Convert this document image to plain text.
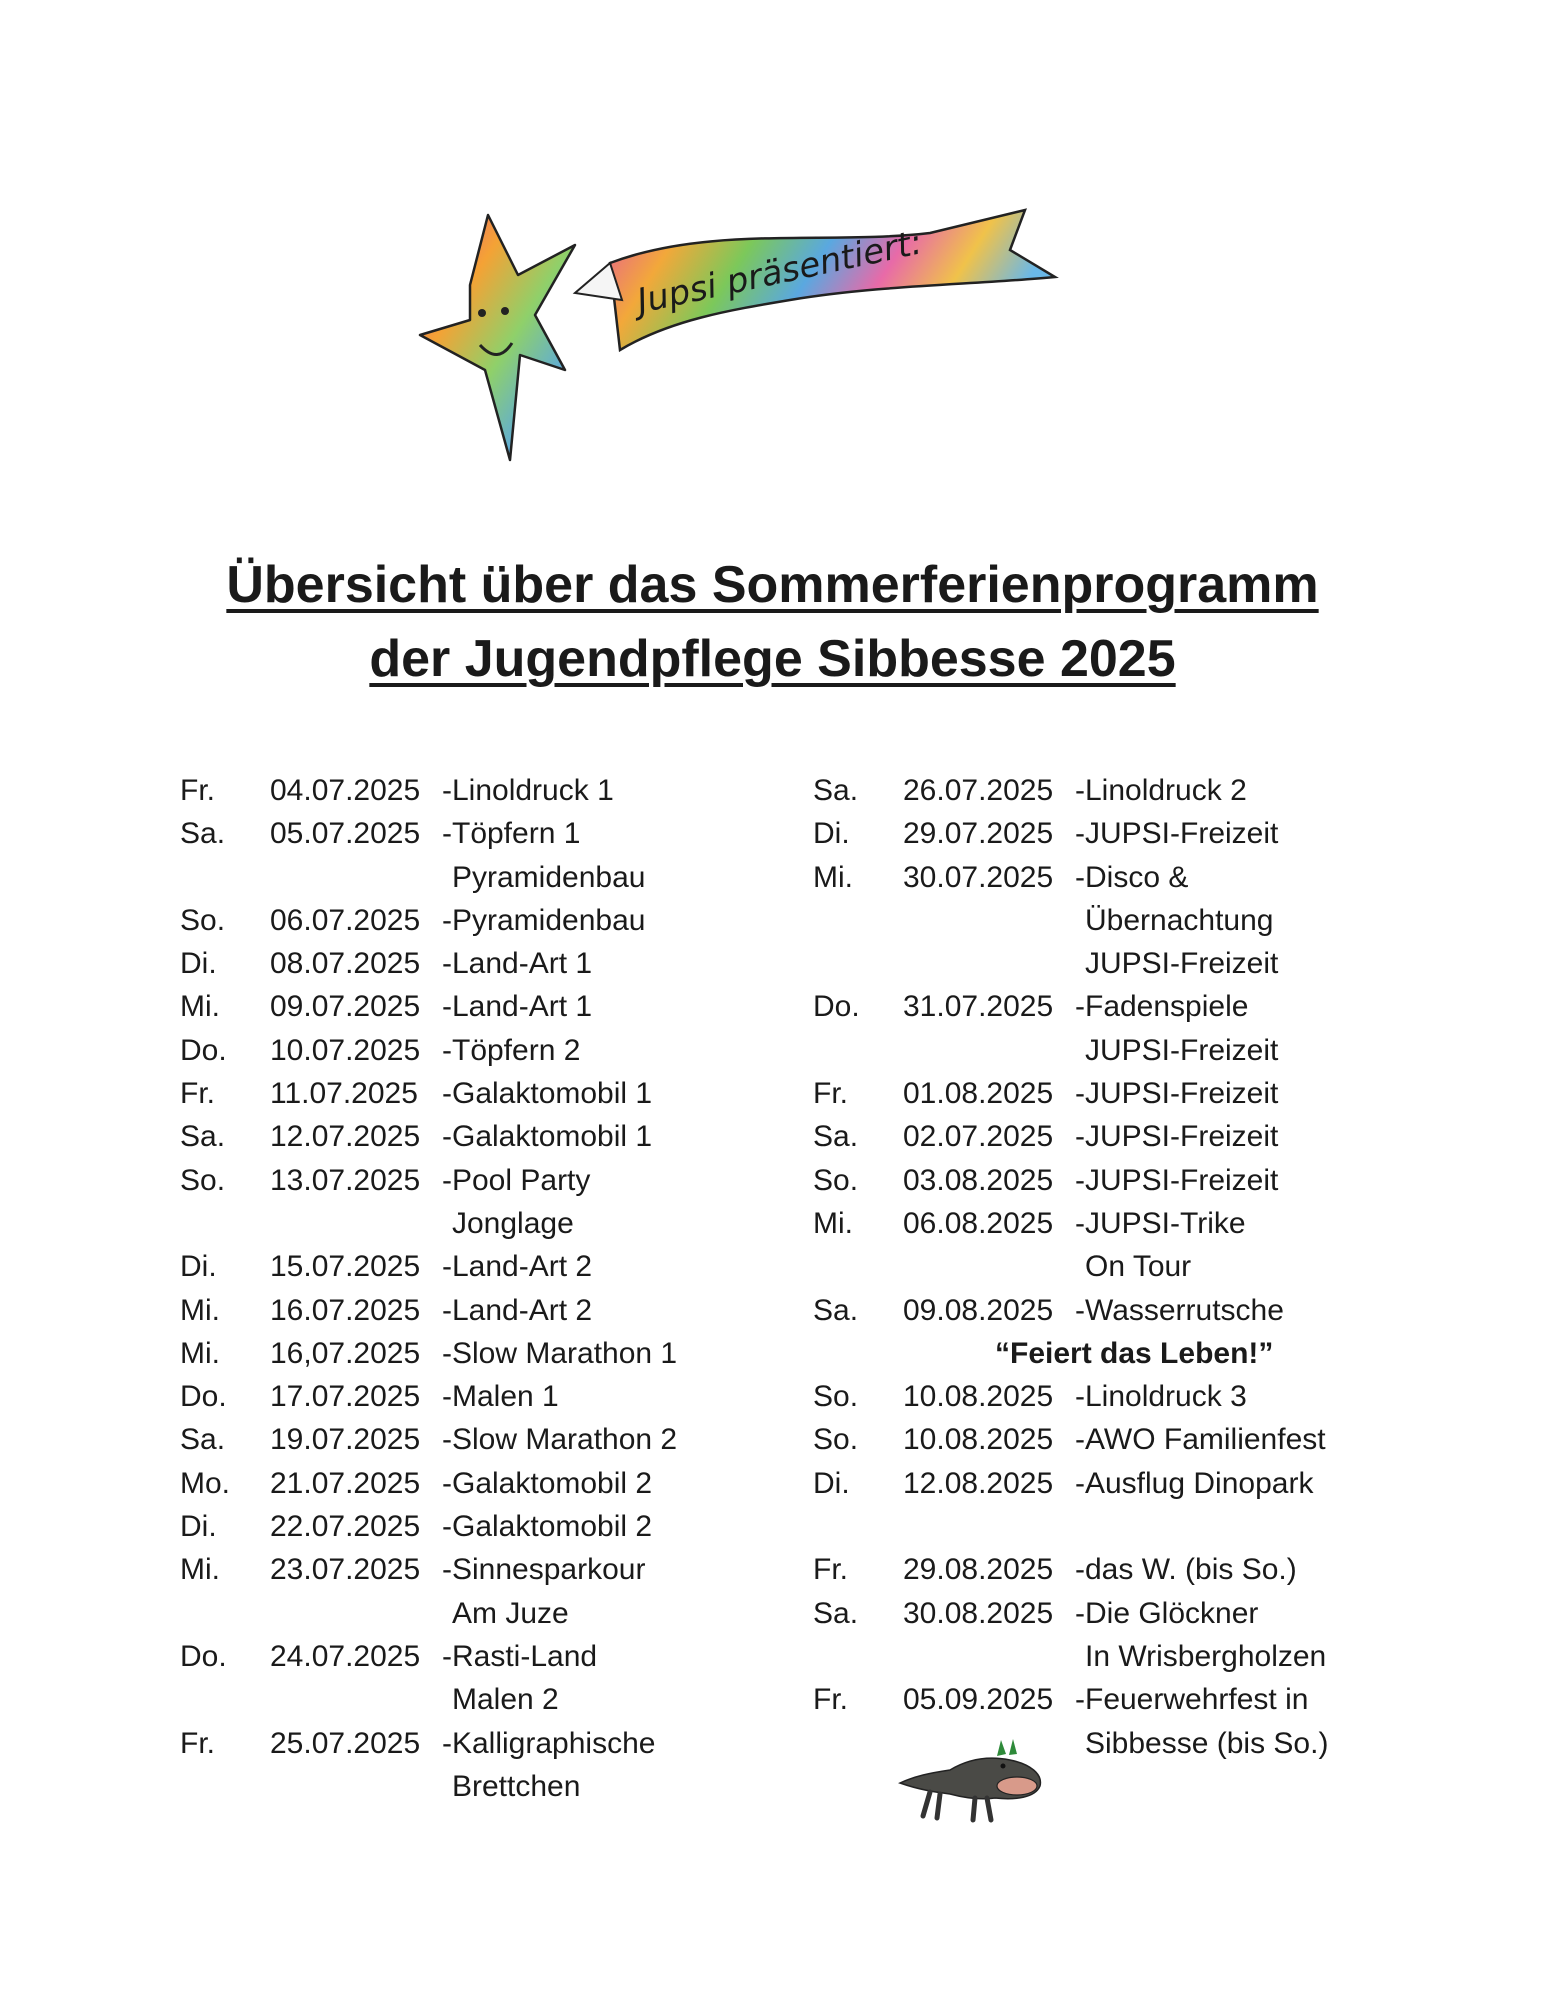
Jupsi präsentiert:
Übersicht über das Sommerferienprogramm
der Jugendpflege Sibbesse 2025
Fr. 04.07.2025 -Linoldruck 1
Sa. 05.07.2025 -Töpfern 1
Pyramidenbau
So. 06.07.2025 -Pyramidenbau
Di. 08.07.2025 -Land-Art 1
Mi. 09.07.2025 -Land-Art 1
Do. 10.07.2025 -Töpfern 2
Fr. 11.07.2025 -Galaktomobil 1
Sa. 12.07.2025 -Galaktomobil 1
So. 13.07.2025 -Pool Party
Jonglage
Di. 15.07.2025 -Land-Art 2
Mi. 16.07.2025 -Land-Art 2
Mi. 16,07.2025 -Slow Marathon 1
Do. 17.07.2025 -Malen 1
Sa. 19.07.2025 -Slow Marathon 2
Mo. 21.07.2025 -Galaktomobil 2
Di. 22.07.2025 -Galaktomobil 2
Mi. 23.07.2025 -Sinnesparkour
Am Juze
Do. 24.07.2025 -Rasti-Land
Malen 2
Fr. 25.07.2025 -Kalligraphische
Brettchen
Sa. 26.07.2025 -Linoldruck 2
Di. 29.07.2025 -JUPSI-Freizeit
Mi. 30.07.2025 -Disco &
Übernachtung
JUPSI-Freizeit
Do. 31.07.2025 -Fadenspiele
JUPSI-Freizeit
Fr. 01.08.2025 -JUPSI-Freizeit
Sa. 02.07.2025 -JUPSI-Freizeit
So. 03.08.2025 -JUPSI-Freizeit
Mi. 06.08.2025 -JUPSI-Trike
On Tour
Sa. 09.08.2025 -Wasserrutsche
“Feiert das Leben!”
So. 10.08.2025 -Linoldruck 3
So. 10.08.2025 -AWO Familienfest
Di. 12.08.2025 -Ausflug Dinopark
Fr. 29.08.2025 -das W. (bis So.)
Sa. 30.08.2025 -Die Glöckner
In Wrisbergholzen
Fr. 05.09.2025 -Feuerwehrfest in
Sibbesse (bis So.)
